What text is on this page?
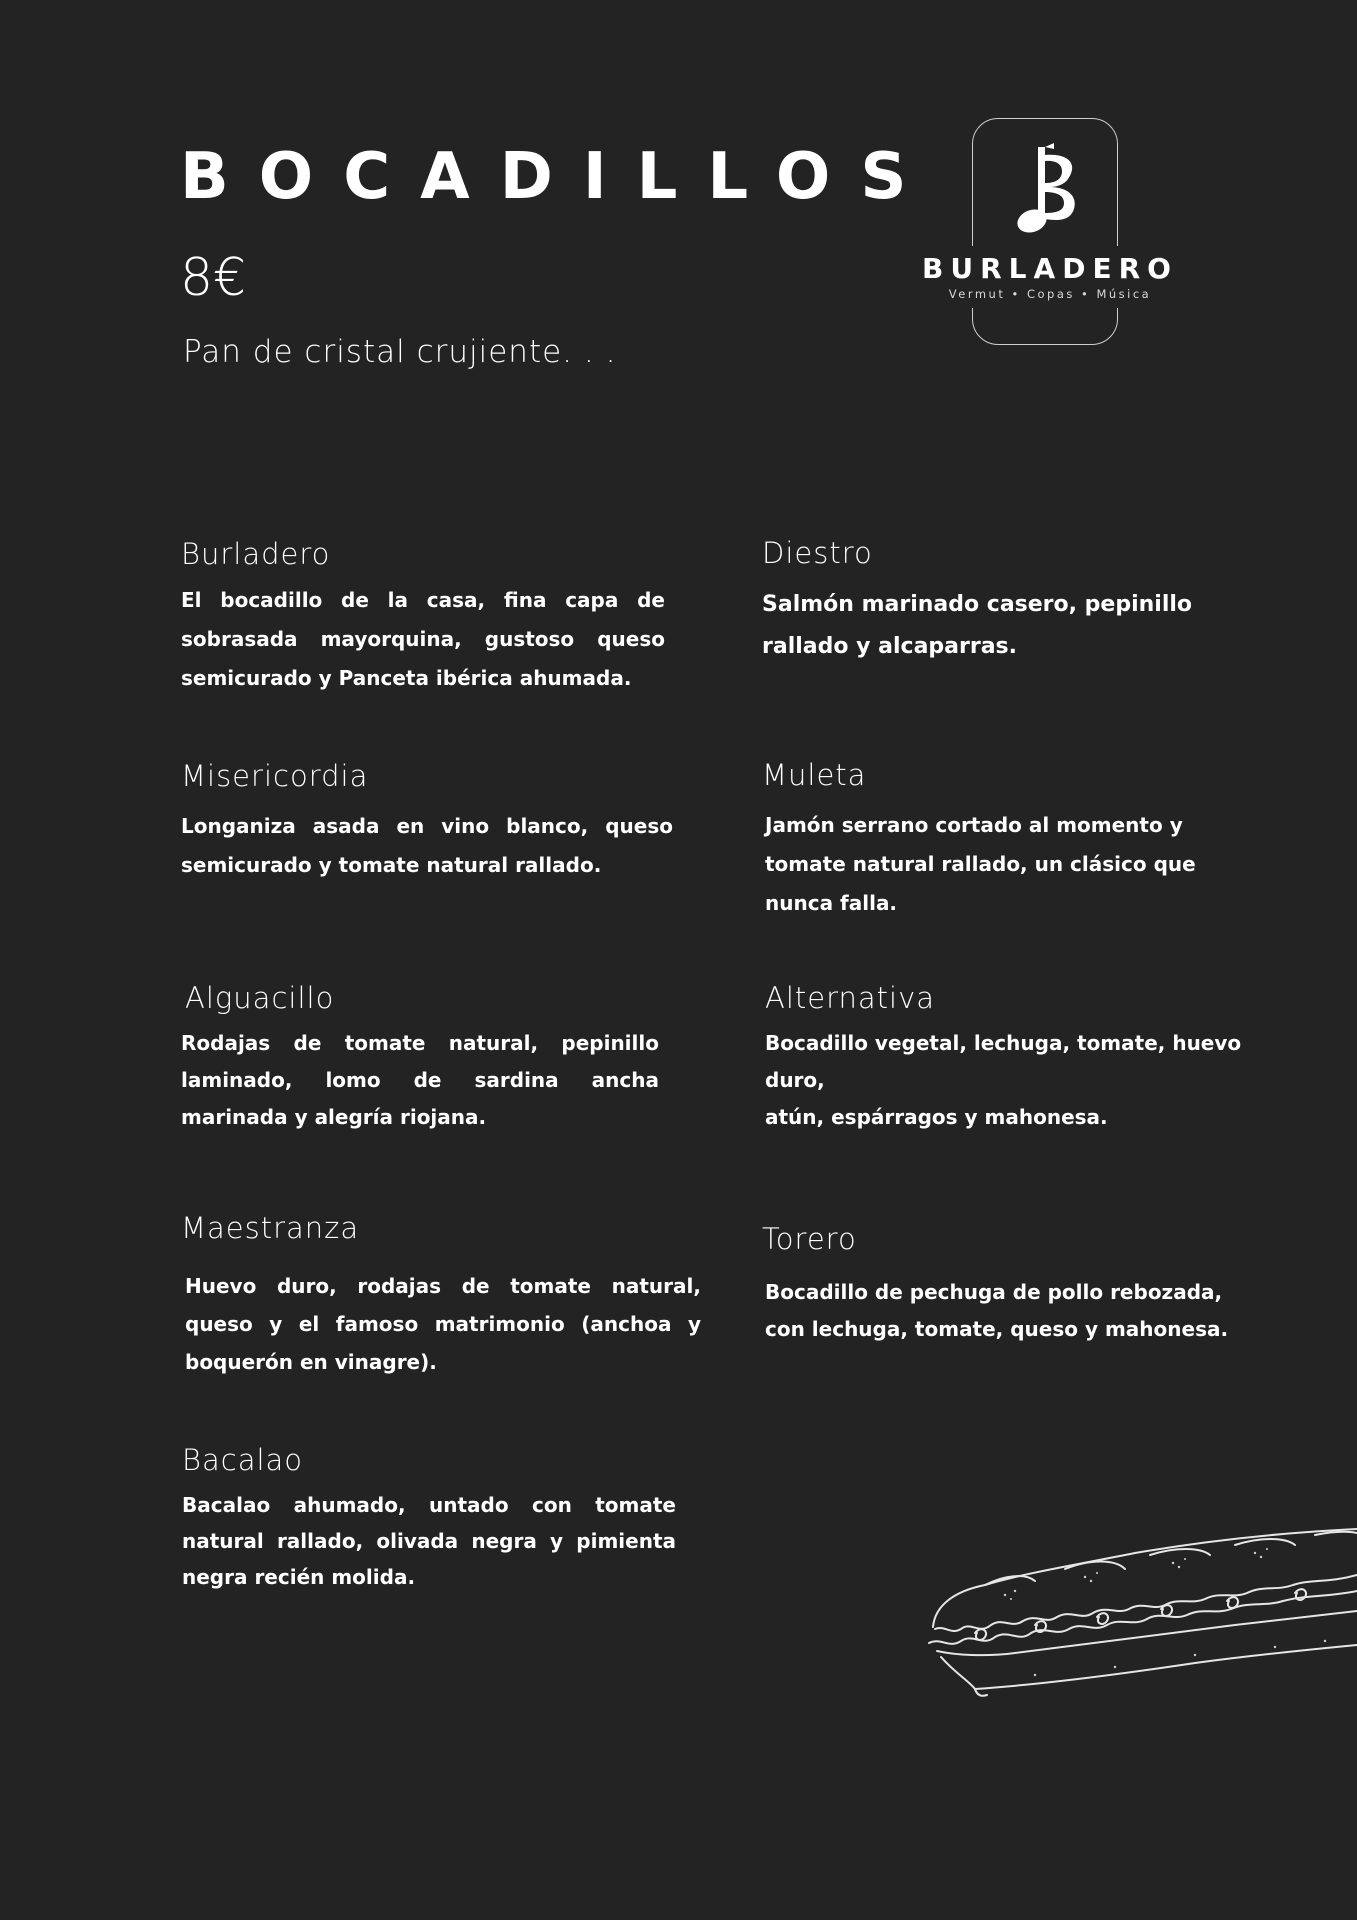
BOCADILLOS

8€

Pan de cristal crujiente. . .

BURLADERO

Vermut • Copas • Música

Burladero

El bocadillo de la casa, fina capa de sobrasada mayorquina, gustoso queso semicurado y Panceta ibérica ahumada.

Misericordia

Longaniza asada en vino blanco, queso semicurado y tomate natural rallado.

Alguacillo

Rodajas de tomate natural, pepinillo laminado, lomo de sardina ancha marinada y alegría riojana.

Maestranza

Huevo duro, rodajas de tomate natural, queso y el famoso matrimonio (anchoa y boquerón en vinagre).

Bacalao

Bacalao ahumado, untado con tomate natural rallado, olivada negra y pimienta negra recién molida.

Diestro

Salmón marinado casero, pepinillo rallado y alcaparras.

Muleta

Jamón serrano cortado al momento y tomate natural rallado, un clásico que nunca falla.

Alternativa

Bocadillo vegetal, lechuga, tomate, huevo duro,

atún, espárragos y mahonesa.

Torero

Bocadillo de pechuga de pollo rebozada, con lechuga, tomate, queso y mahonesa.
